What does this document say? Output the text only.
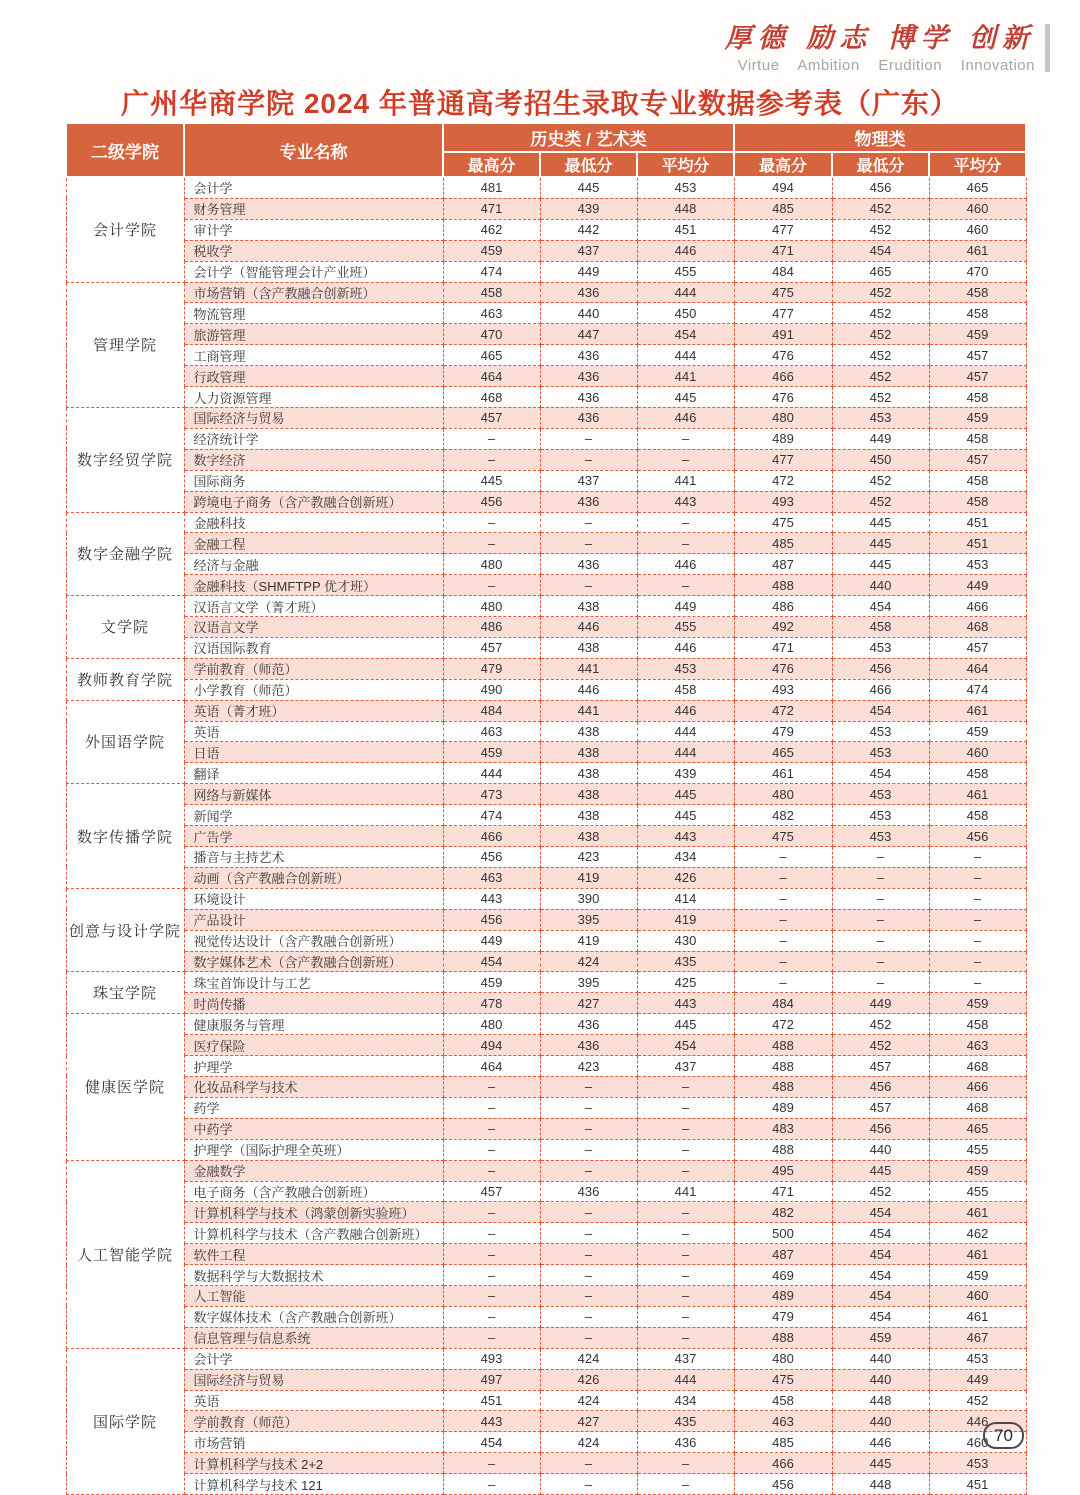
厚德 励志 博学 创新
Virtue Ambition Erudition Innovation
广州华商学院 2024 年普通高考招生录取专业数据参考表（广东）
二级学院	专业名称	历史类 / 艺术类			物理类		
		最高分	最低分	平均分	最高分	最低分	平均分
会计学院	会计学	481	445	453	494	456	465
	财务管理	471	439	448	485	452	460
	审计学	462	442	451	477	452	460
	税收学	459	437	446	471	454	461
	会计学（智能管理会计产业班）	474	449	455	484	465	470
管理学院	市场营销（含产教融合创新班）	458	436	444	475	452	458
	物流管理	463	440	450	477	452	458
	旅游管理	470	447	454	491	452	459
	工商管理	465	436	444	476	452	457
	行政管理	464	436	441	466	452	457
	人力资源管理	468	436	445	476	452	458
数字经贸学院	国际经济与贸易	457	436	446	480	453	459
	经济统计学	–	–	–	489	449	458
	数字经济	–	–	–	477	450	457
	国际商务	445	437	441	472	452	458
	跨境电子商务（含产教融合创新班）	456	436	443	493	452	458
数字金融学院	金融科技	–	–	–	475	445	451
	金融工程	–	–	–	485	445	451
	经济与金融	480	436	446	487	445	453
	金融科技（SHMFTPP 优才班）	–	–	–	488	440	449
文学院	汉语言文学（菁才班）	480	438	449	486	454	466
	汉语言文学	486	446	455	492	458	468
	汉语国际教育	457	438	446	471	453	457
教师教育学院	学前教育（师范）	479	441	453	476	456	464
	小学教育（师范）	490	446	458	493	466	474
外国语学院	英语（菁才班）	484	441	446	472	454	461
	英语	463	438	444	479	453	459
	日语	459	438	444	465	453	460
	翻译	444	438	439	461	454	458
数字传播学院	网络与新媒体	473	438	445	480	453	461
	新闻学	474	438	445	482	453	458
	广告学	466	438	443	475	453	456
	播音与主持艺术	456	423	434	–	–	–
	动画（含产教融合创新班）	463	419	426	–	–	–
创意与设计学院	环境设计	443	390	414	–	–	–
	产品设计	456	395	419	–	–	–
	视觉传达设计（含产教融合创新班）	449	419	430	–	–	–
	数字媒体艺术（含产教融合创新班）	454	424	435	–	–	–
珠宝学院	珠宝首饰设计与工艺	459	395	425	–	–	–
	时尚传播	478	427	443	484	449	459
健康医学院	健康服务与管理	480	436	445	472	452	458
	医疗保险	494	436	454	488	452	463
	护理学	464	423	437	488	457	468
	化妆品科学与技术	–	–	–	488	456	466
	药学	–	–	–	489	457	468
	中药学	–	–	–	483	456	465
	护理学（国际护理全英班）	–	–	–	488	440	455
人工智能学院	金融数学	–	–	–	495	445	459
	电子商务（含产教融合创新班）	457	436	441	471	452	455
	计算机科学与技术（鸿蒙创新实验班）	–	–	–	482	454	461
	计算机科学与技术（含产教融合创新班）	–	–	–	500	454	462
	软件工程	–	–	–	487	454	461
	数据科学与大数据技术	–	–	–	469	454	459
	人工智能	–	–	–	489	454	460
	数字媒体技术（含产教融合创新班）	–	–	–	479	454	461
	信息管理与信息系统	–	–	–	488	459	467
国际学院	会计学	493	424	437	480	440	453
	国际经济与贸易	497	426	444	475	440	449
	英语	451	424	434	458	448	452
	学前教育（师范）	443	427	435	463	440	446
	市场营销	454	424	436	485	446	460
	计算机科学与技术 2+2	–	–	–	466	445	453
	计算机科学与技术 121	–	–	–	456	448	451
70
